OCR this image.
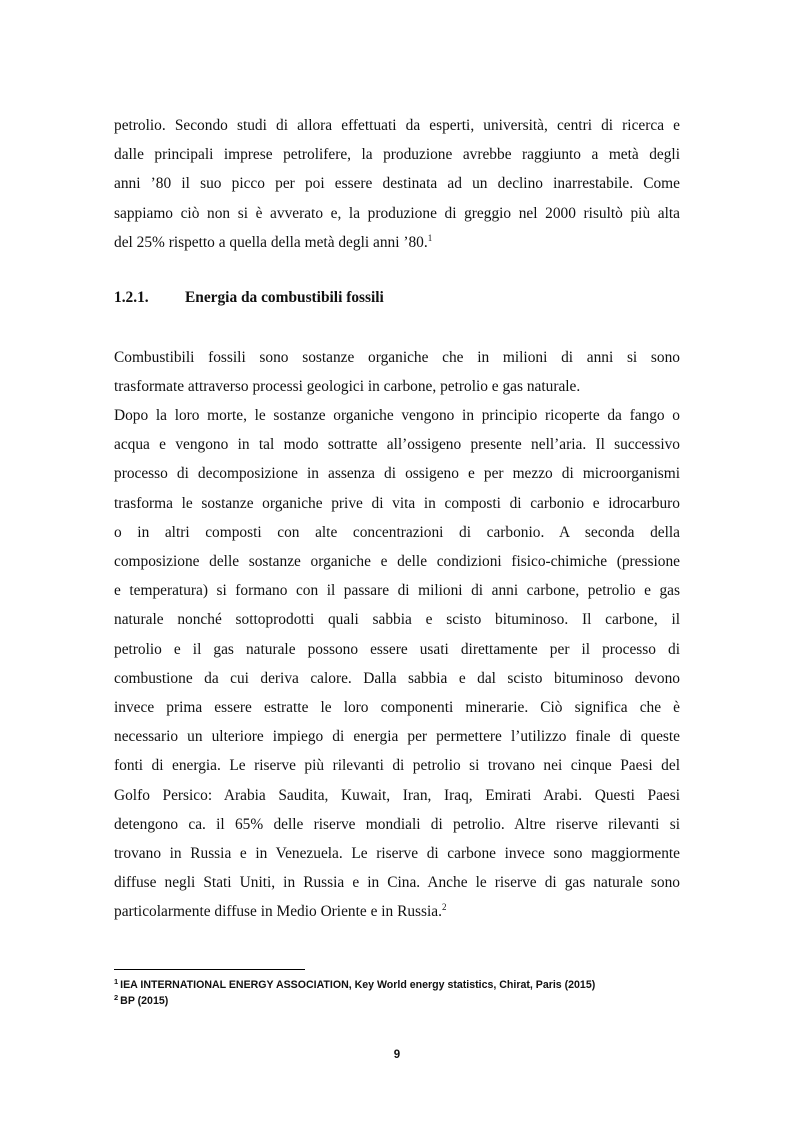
petrolio. Secondo studi di allora effettuati da esperti, università, centri di ricerca e
dalle principali imprese petrolifere, la produzione avrebbe raggiunto a metà degli
anni ’80 il suo picco per poi essere destinata ad un declino inarrestabile. Come
sappiamo ciò non si è avverato e, la produzione di greggio nel 2000 risultò più alta
del 25% rispetto a quella della metà degli anni ’80.$^1$
1.2.1. Energia da combustibili fossili
Combustibili fossili sono sostanze organiche che in milioni di anni si sono
trasformate attraverso processi geologici in carbone, petrolio e gas naturale.
Dopo la loro morte, le sostanze organiche vengono in principio ricoperte da fango o
acqua e vengono in tal modo sottratte all’ossigeno presente nell’aria. Il successivo
processo di decomposizione in assenza di ossigeno e per mezzo di microorganismi
trasforma le sostanze organiche prive di vita in composti di carbonio e idrocarburo
o in altri composti con alte concentrazioni di carbonio. A seconda della
composizione delle sostanze organiche e delle condizioni fisico-chimiche (pressione
e temperatura) si formano con il passare di milioni di anni carbone, petrolio e gas
naturale nonché sottoprodotti quali sabbia e scisto bituminoso. Il carbone, il
petrolio e il gas naturale possono essere usati direttamente per il processo di
combustione da cui deriva calore. Dalla sabbia e dal scisto bituminoso devono
invece prima essere estratte le loro componenti minerarie. Ciò significa che è
necessario un ulteriore impiego di energia per permettere l’utilizzo finale di queste
fonti di energia. Le riserve più rilevanti di petrolio si trovano nei cinque Paesi del
Golfo Persico: Arabia Saudita, Kuwait, Iran, Iraq, Emirati Arabi. Questi Paesi
detengono ca. il 65% delle riserve mondiali di petrolio. Altre riserve rilevanti si
trovano in Russia e in Venezuela. Le riserve di carbone invece sono maggiormente
diffuse negli Stati Uniti, in Russia e in Cina. Anche le riserve di gas naturale sono
particolarmente diffuse in Medio Oriente e in Russia.$^2$
$^1$ IEA INTERNATIONAL ENERGY ASSOCIATION, Key World energy statistics, Chirat, Paris (2015)
$^2$ BP (2015)
9
